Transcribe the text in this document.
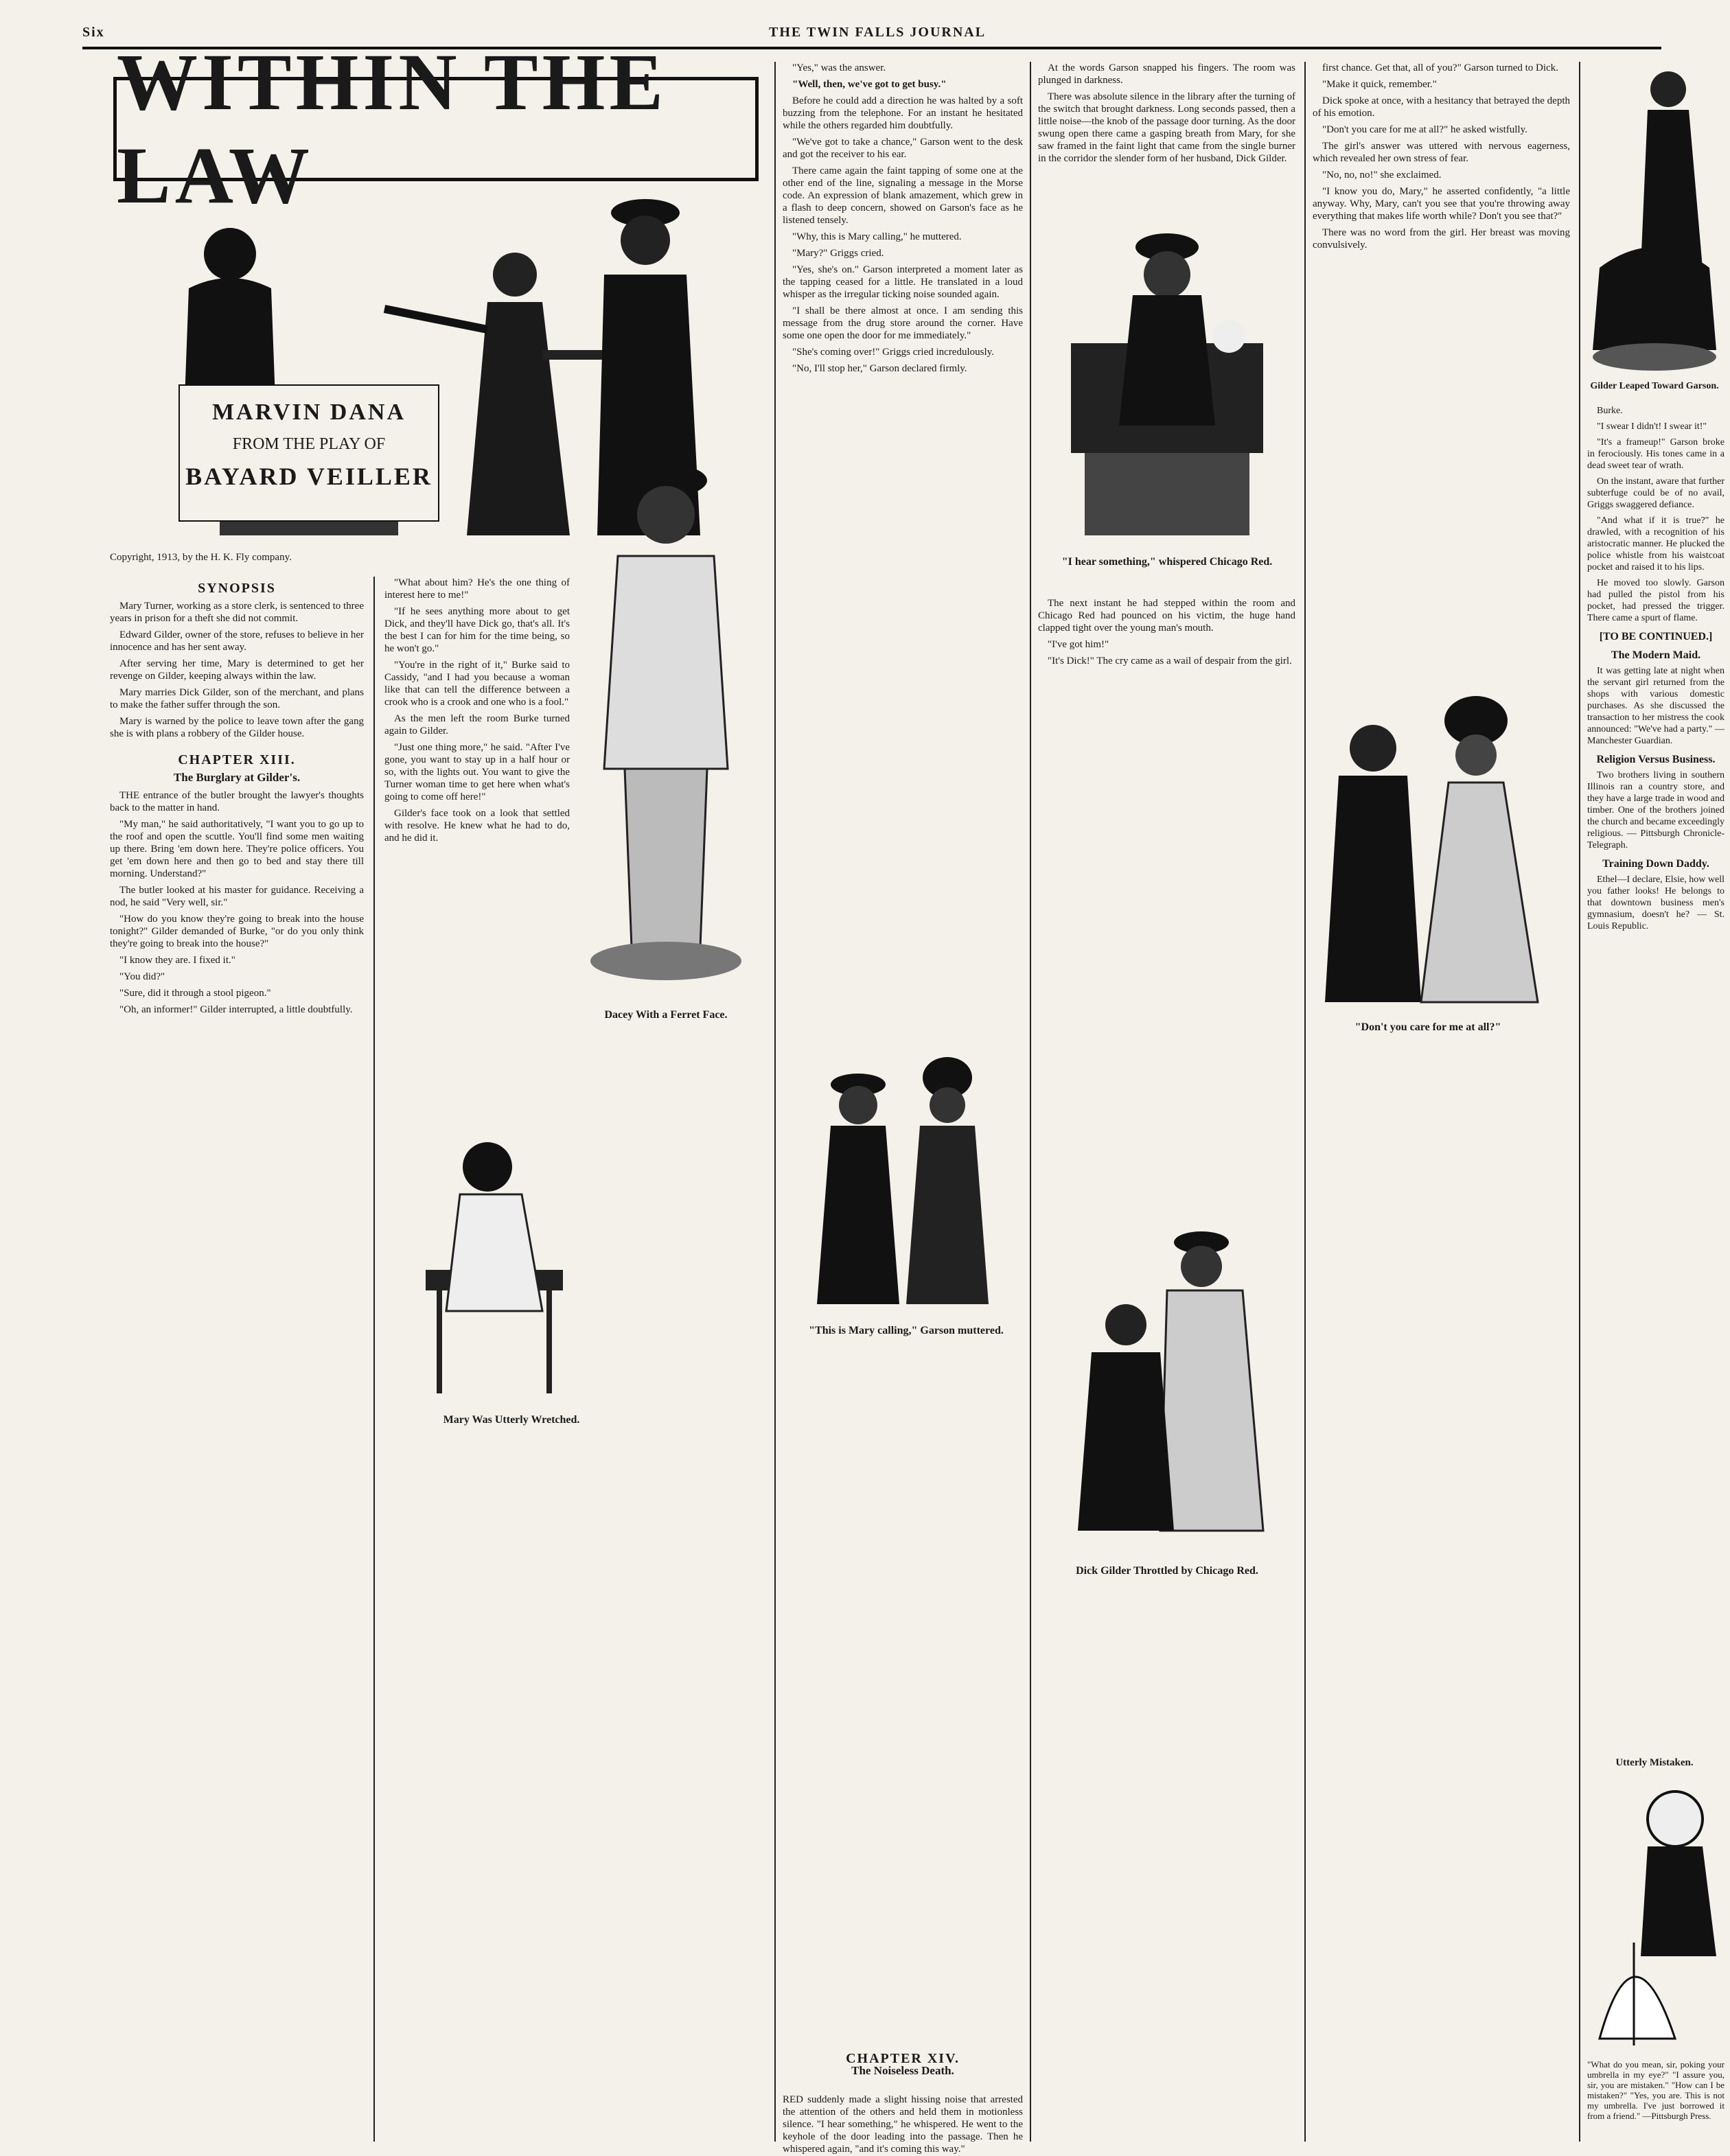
Six	THE TWIN FALLS JOURNAL
WITHIN THE LAW
MARVIN DANA
FROM THE PLAY OF
BAYARD VEILLER
Copyright, 1913, by the H. K. Fly company.
SYNOPSIS

Mary Turner, working as a store clerk, is sentenced to three years in prison for a theft she did not commit.

Edward Gilder, owner of the store, refuses to believe in her innocence and has her sent away.

After serving her time, Mary is determined to get her revenge on Gilder, keeping always within the law.

Mary marries Dick Gilder, son of the merchant, and plans to make the father suffer through the son.

Mary is warned by the police to leave town after the gang she is with plans a robbery of the Gilder house.

CHAPTER XIII.
The Burglary at Gilder's.

THE entrance of the butler brought the lawyer's thoughts back to the matter in hand.

"My man," he said authoritatively, "I want you to go up to the roof and open the scuttle. You'll find some men waiting up there. Bring 'em down here. They're police officers. You get 'em down here and then go to bed and stay there till morning. Understand?"

The butler looked at his master for guidance. Receiving a nod, he said "Very well, sir."

"How do you know they're going to break into the house tonight?" Gilder demanded of Burke, "or do you only think they're going to break into the house?"

"I know they are. I fixed it."

"You did?"

"Sure, did it through a stool pigeon."

"Oh, an informer!" Gilder interrupted, a little doubtfully.

"What about him? He's the one thing of interest here to me!"

"If he sees anything more about to get Dick, and they'll have Dick go, that's all. It's the best I can for him for the time being, so he won't go."

"You're in the right of it," Burke said to Cassidy, "and I had you because a woman like that can tell the difference between a crook who is a crook and one who is a fool."

As the men left the room Burke turned again to Gilder.

"Just one thing more," he said. "After I've gone, you want to stay up in a half hour or so, with the lights out. You want to give the Turner woman time to get here when what's going to come off here!"

Gilder's face took on a look that settled with resolve. He knew what he had to do, and he did it.

Dacey With a Ferret Face.
Mary Was Utterly Wretched.

"Yes," was the answer.

"Well, then, we've got to get busy."

Before he could add a direction he was halted by a soft buzzing from the telephone. For an instant he hesitated while the others regarded him doubtfully.

"We've got to take a chance," Garson went to the desk and got the receiver to his ear.

There came again the faint tapping of some one at the other end of the line, signaling a message in the Morse code. An expression of blank amazement, which grew in a flash to deep concern, showed on Garson's face as he listened tensely.

"Why, this is Mary calling," he muttered.

"Mary?" Griggs cried.

"Yes, she's on." Garson interpreted a moment later as the tapping ceased for a little. He translated in a loud whisper as the irregular ticking noise sounded again.

"I shall be there almost at once. I am sending this message from the drug store around the corner. Have some one open the door for me immediately."

"She's coming over!" Griggs cried incredulously.

"No, I'll stop her," Garson declared firmly.

"This is Mary calling," Garson muttered.
CHAPTER XIV.
The Noiseless Death.

RED suddenly made a slight hissing noise that arrested the attention of the others and held them in motionless silence. "I hear something," he whispered. He went to the keyhole of the door leading into the passage. Then he whispered again, "and it's coming this way."

At the words Garson snapped his fingers. The room was plunged in darkness.

There was absolute silence in the library after the turning of the switch that brought darkness. Long seconds passed, then a little noise—the knob of the passage door turning. As the door swung open there came a gasping breath from Mary, for she saw framed in the faint light that came from the single burner in the corridor the slender form of her husband, Dick Gilder.

"I hear something," whispered Chicago Red.

The next instant he had stepped within the room and Chicago Red had pounced on his victim, the huge hand clapped tight over the young man's mouth.

"I've got him!"

"It's Dick!" The cry came as a wail of despair from the girl.

Dick Gilder Throttled by Chicago Red.

first chance. Get that, all of you?" Garson turned to Dick.

"Make it quick, remember."

Dick spoke at once, with a hesitancy that betrayed the depth of his emotion.

"Don't you care for me at all?" he asked wistfully.

The girl's answer was uttered with nervous eagerness, which revealed her own stress of fear.

"No, no, no!" she exclaimed.

"I know you do, Mary," he asserted confidently, "a little anyway. Why, Mary, can't you see that you're throwing away everything that makes life worth while? Don't you see that?"

There was no word from the girl. Her breast was moving convulsively.

"Don't you care for me at all?"
Gilder Leaped Toward Garson.

Burke.

"I swear I didn't! I swear it!"

"It's a frameup!" Garson broke in ferociously. His tones came in a dead sweet tear of wrath.

On the instant, aware that further subterfuge could be of no avail, Griggs swaggered defiance.

"And what if it is true?" he drawled, with a recognition of his aristocratic manner. He plucked the police whistle from his waistcoat pocket and raised it to his lips.

He moved too slowly. Garson had pulled the pistol from his pocket, had pressed the trigger. There came a spurt of flame.

[TO BE CONTINUED.]
The Modern Maid.

It was getting late at night when the servant girl returned from the shops with various domestic purchases. As she discussed the transaction to her mistress the cook announced: "We've had a party." — Manchester Guardian.

Religion Versus Business.

Two brothers living in southern Illinois ran a country store, and they have a large trade in wood and timber. One of the brothers joined the church and became exceedingly religious. — Pittsburgh Chronicle-Telegraph.

Training Down Daddy.

Ethel—I declare, Elsie, how well you father looks! He belongs to that downtown business men's gymnasium, doesn't he? — St. Louis Republic.

Utterly Mistaken.

"What do you mean, sir, poking your umbrella in my eye?" "I assure you, sir, you are mistaken." "How can I be mistaken?" "Yes, you are. This is not my umbrella. I've just borrowed it from a friend." —Pittsburgh Press.
